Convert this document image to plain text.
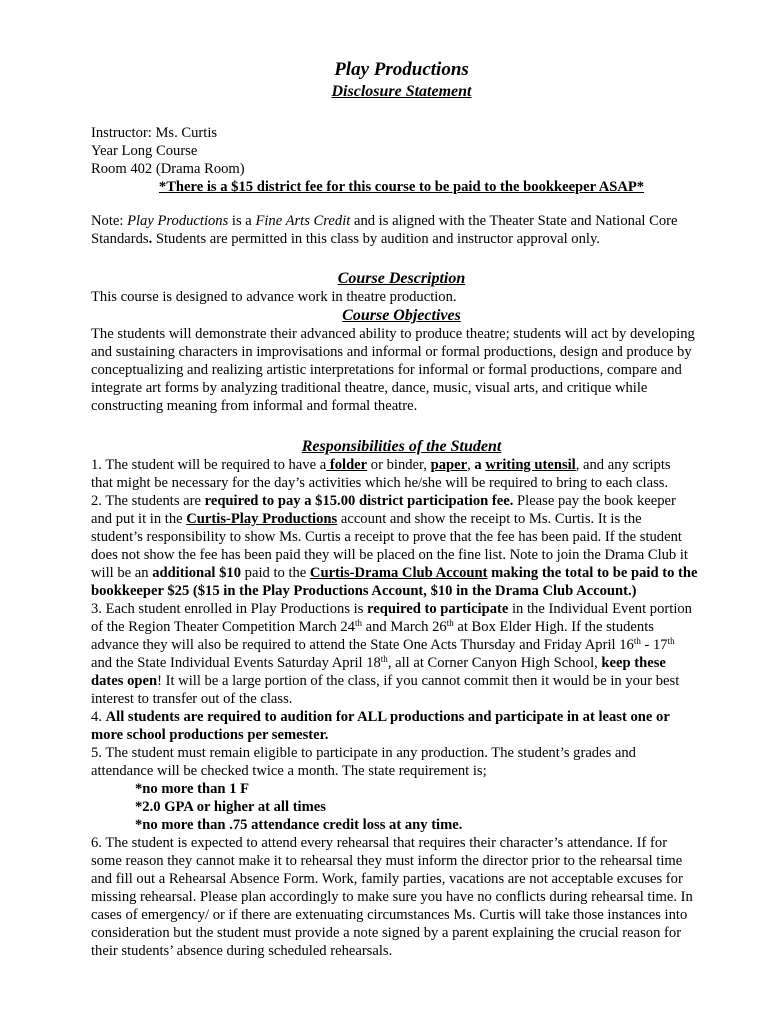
Play Productions
Disclosure Statement
Instructor: Ms. Curtis
Year Long Course
Room 402 (Drama Room)
*There is a $15 district fee for this course to be paid to the bookkeeper ASAP*
Note: Play Productions is a Fine Arts Credit and is aligned with the Theater State and National Core
Standards. Students are permitted in this class by audition and instructor approval only.
Course Description
This course is designed to advance work in theatre production.
Course Objectives
The students will demonstrate their advanced ability to produce theatre; students will act by developing
and sustaining characters in improvisations and informal or formal productions, design and produce by
conceptualizing and realizing artistic interpretations for informal or formal productions, compare and
integrate art forms by analyzing traditional theatre, dance, music, visual arts, and critique while
constructing meaning from informal and formal theatre.
Responsibilities of the Student
1. The student will be required to have a folder or binder, paper, a writing utensil, and any scripts
that might be necessary for the day’s activities which he/she will be required to bring to each class.
2. The students are required to pay a $15.00 district participation fee. Please pay the book keeper
and put it in the Curtis-Play Productions account and show the receipt to Ms. Curtis. It is the
student’s responsibility to show Ms. Curtis a receipt to prove that the fee has been paid. If the student
does not show the fee has been paid they will be placed on the fine list. Note to join the Drama Club it
will be an additional $10 paid to the Curtis-Drama Club Account making the total to be paid to the
bookkeeper $25 ($15 in the Play Productions Account, $10 in the Drama Club Account.)
3. Each student enrolled in Play Productions is required to participate in the Individual Event portion
of the Region Theater Competition March 24th and March 26th at Box Elder High. If the students
advance they will also be required to attend the State One Acts Thursday and Friday April 16th - 17th
and the State Individual Events Saturday April 18th, all at Corner Canyon High School, keep these
dates open! It will be a large portion of the class, if you cannot commit then it would be in your best
interest to transfer out of the class.
4. All students are required to audition for ALL productions and participate in at least one or
more school productions per semester.
5. The student must remain eligible to participate in any production. The student’s grades and
attendance will be checked twice a month. The state requirement is;
*no more than 1 F
*2.0 GPA or higher at all times
*no more than .75 attendance credit loss at any time.
6. The student is expected to attend every rehearsal that requires their character’s attendance. If for
some reason they cannot make it to rehearsal they must inform the director prior to the rehearsal time
and fill out a Rehearsal Absence Form. Work, family parties, vacations are not acceptable excuses for
missing rehearsal. Please plan accordingly to make sure you have no conflicts during rehearsal time. In
cases of emergency/ or if there are extenuating circumstances Ms. Curtis will take those instances into
consideration but the student must provide a note signed by a parent explaining the crucial reason for
their students’ absence during scheduled rehearsals.
